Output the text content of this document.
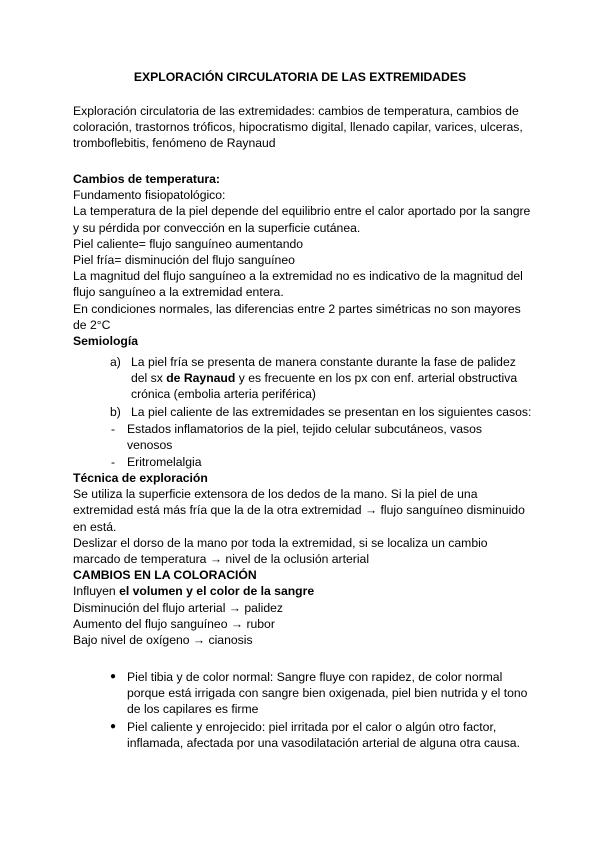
EXPLORACIÓN CIRCULATORIA DE LAS EXTREMIDADES
Exploración circulatoria de las extremidades: cambios de temperatura, cambios de
coloración, trastornos tróficos, hipocratismo digital, llenado capilar, varices, ulceras,
tromboflebitis, fenómeno de Raynaud
Cambios de temperatura:
Fundamento fisiopatológico:
La temperatura de la piel depende del equilibrio entre el calor aportado por la sangre
y su pérdida por convección en la superficie cutánea.
Piel caliente= flujo sanguíneo aumentando
Piel fría= disminución del flujo sanguíneo
La magnitud del flujo sanguíneo a la extremidad no es indicativo de la magnitud del
flujo sanguíneo a la extremidad entera.
En condiciones normales, las diferencias entre 2 partes simétricas no son mayores
de 2°C
Semiología
a) La piel fría se presenta de manera constante durante la fase de palidez
del sx de Raynaud y es frecuente en los px con enf. arterial obstructiva
crónica (embolia arteria periférica)
b) La piel caliente de las extremidades se presentan en los siguientes casos:
- Estados inflamatorios de la piel, tejido celular subcutáneos, vasos
venosos
- Eritromelalgia
Técnica de exploración
Se utiliza la superficie extensora de los dedos de la mano. Si la piel de una
extremidad está más fría que la de la otra extremidad → flujo sanguíneo disminuido
en está.
Deslizar el dorso de la mano por toda la extremidad, si se localiza un cambio
marcado de temperatura → nivel de la oclusión arterial
CAMBIOS EN LA COLORACIÓN
Influyen el volumen y el color de la sangre
Disminución del flujo arterial → palidez
Aumento del flujo sanguíneo → rubor
Bajo nivel de oxígeno → cianosis
● Piel tibia y de color normal: Sangre fluye con rapidez, de color normal
porque está irrigada con sangre bien oxigenada, piel bien nutrida y el tono
de los capilares es firme
● Piel caliente y enrojecido: piel irritada por el calor o algún otro factor,
inflamada, afectada por una vasodilatación arterial de alguna otra causa.
